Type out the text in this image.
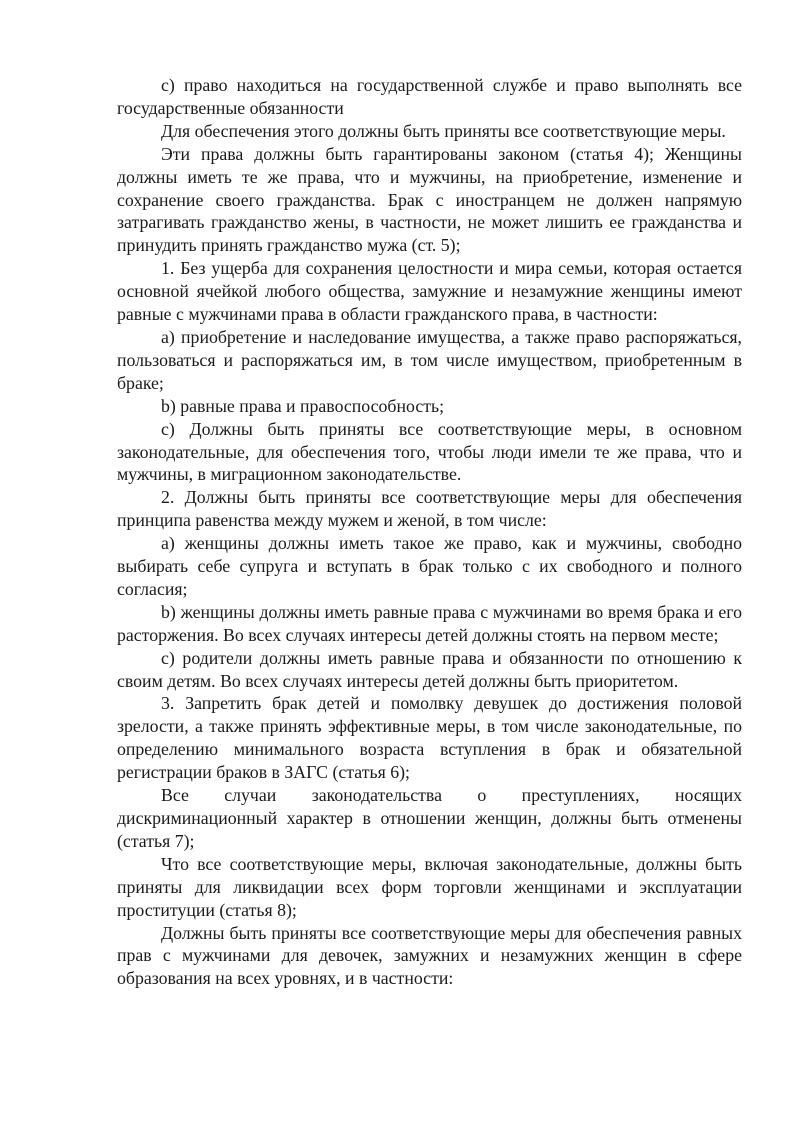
с) право находиться на государственной службе и право выполнять все государственные обязанности

Для обеспечения этого должны быть приняты все соответствующие меры.

Эти права должны быть гарантированы законом (статья 4); Женщины должны иметь те же права, что и мужчины, на приобретение, изменение и сохранение своего гражданства. Брак с иностранцем не должен напрямую затрагивать гражданство жены, в частности, не может лишить ее гражданства и принудить принять гражданство мужа (ст. 5);

1. Без ущерба для сохранения целостности и мира семьи, которая остается основной ячейкой любого общества, замужние и незамужние женщины имеют равные с мужчинами права в области гражданского права, в частности:

а) приобретение и наследование имущества, а также право распоряжаться, пользоваться и распоряжаться им, в том числе имуществом, приобретенным в браке;

b) равные права и правоспособность;

с) Должны быть приняты все соответствующие меры, в основном законодательные, для обеспечения того, чтобы люди имели те же права, что и мужчины, в миграционном законодательстве.

2. Должны быть приняты все соответствующие меры для обеспечения принципа равенства между мужем и женой, в том числе:

а) женщины должны иметь такое же право, как и мужчины, свободно выбирать себе супруга и вступать в брак только с их свободного и полного согласия;

b) женщины должны иметь равные права с мужчинами во время брака и его расторжения. Во всех случаях интересы детей должны стоять на первом месте;

с) родители должны иметь равные права и обязанности по отношению к своим детям. Во всех случаях интересы детей должны быть приоритетом.

3. Запретить брак детей и помолвку девушек до достижения половой зрелости, а также принять эффективные меры, в том числе законодательные, по определению минимального возраста вступления в брак и обязательной регистрации браков в ЗАГС (статья 6);

Все случаи законодательства о преступлениях, носящих дискриминационный характер в отношении женщин, должны быть отменены (статья 7);

Что все соответствующие меры, включая законодательные, должны быть приняты для ликвидации всех форм торговли женщинами и эксплуатации проституции (статья 8);

Должны быть приняты все соответствующие меры для обеспечения равных прав с мужчинами для девочек, замужних и незамужних женщин в сфере образования на всех уровнях, и в частности:
